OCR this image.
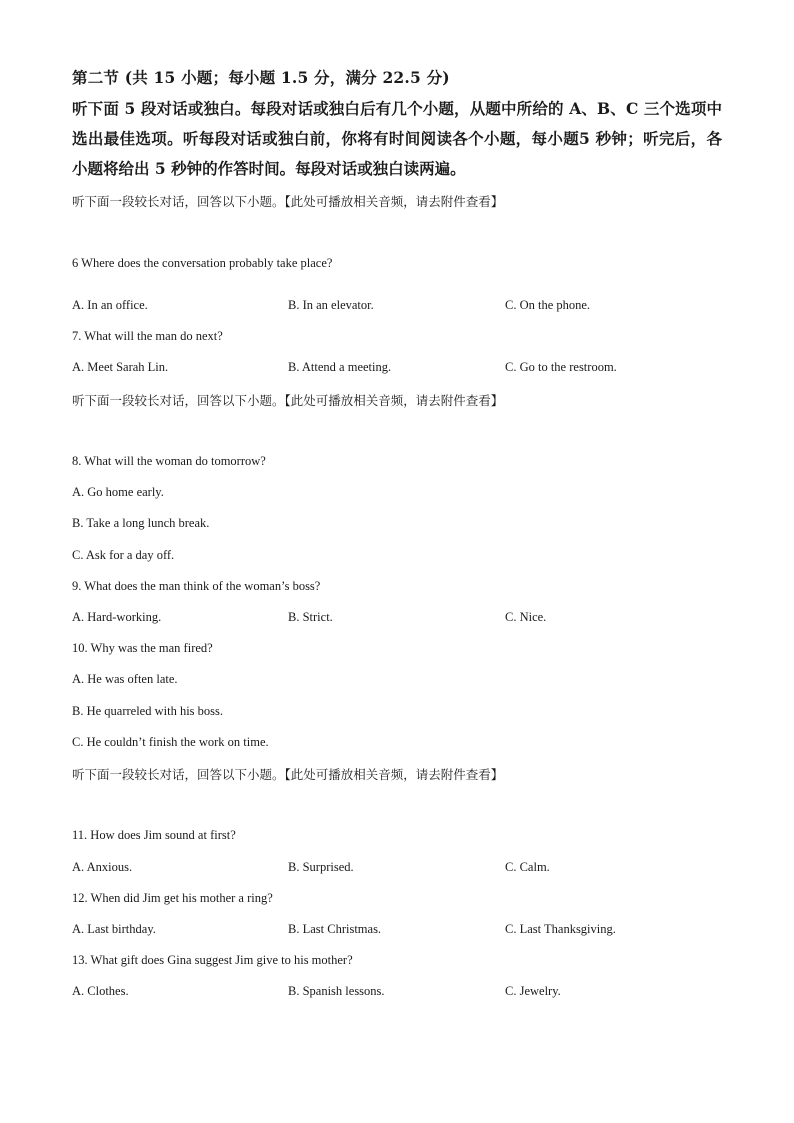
第二节 (共 15 小题；每小题 1.5 分，满分 22.5 分)
听下面 5 段对话或独白。每段对话或独白后有几个小题，从题中所给的 A、B、C 三个选项中选出最佳选项。听每段对话或独白前，你将有时间阅读各个小题，每小题5 秒钟；听完后，各小题将给出 5 秒钟的作答时间。每段对话或独白读两遍。
听下面一段较长对话，回答以下小题。【此处可播放相关音频，请去附件查看】
6 Where does the conversation probably take place?
A. In an office.	B. In an elevator.	C. On the phone.
7. What will the man do next?
A. Meet Sarah Lin.	B. Attend a meeting.	C. Go to the restroom.
听下面一段较长对话，回答以下小题。【此处可播放相关音频，请去附件查看】
8. What will the woman do tomorrow?
A. Go home early.
B. Take a long lunch break.
C. Ask for a day off.
9. What does the man think of the woman’s boss?
A. Hard-working.	B. Strict.	C. Nice.
10. Why was the man fired?
A. He was often late.
B. He quarreled with his boss.
C. He couldn’t finish the work on time.
听下面一段较长对话，回答以下小题。【此处可播放相关音频，请去附件查看】
11. How does Jim sound at first?
A. Anxious.	B. Surprised.	C. Calm.
12. When did Jim get his mother a ring?
A. Last birthday.	B. Last Christmas.	C. Last Thanksgiving.
13. What gift does Gina suggest Jim give to his mother?
A. Clothes.	B. Spanish lessons.	C. Jewelry.
